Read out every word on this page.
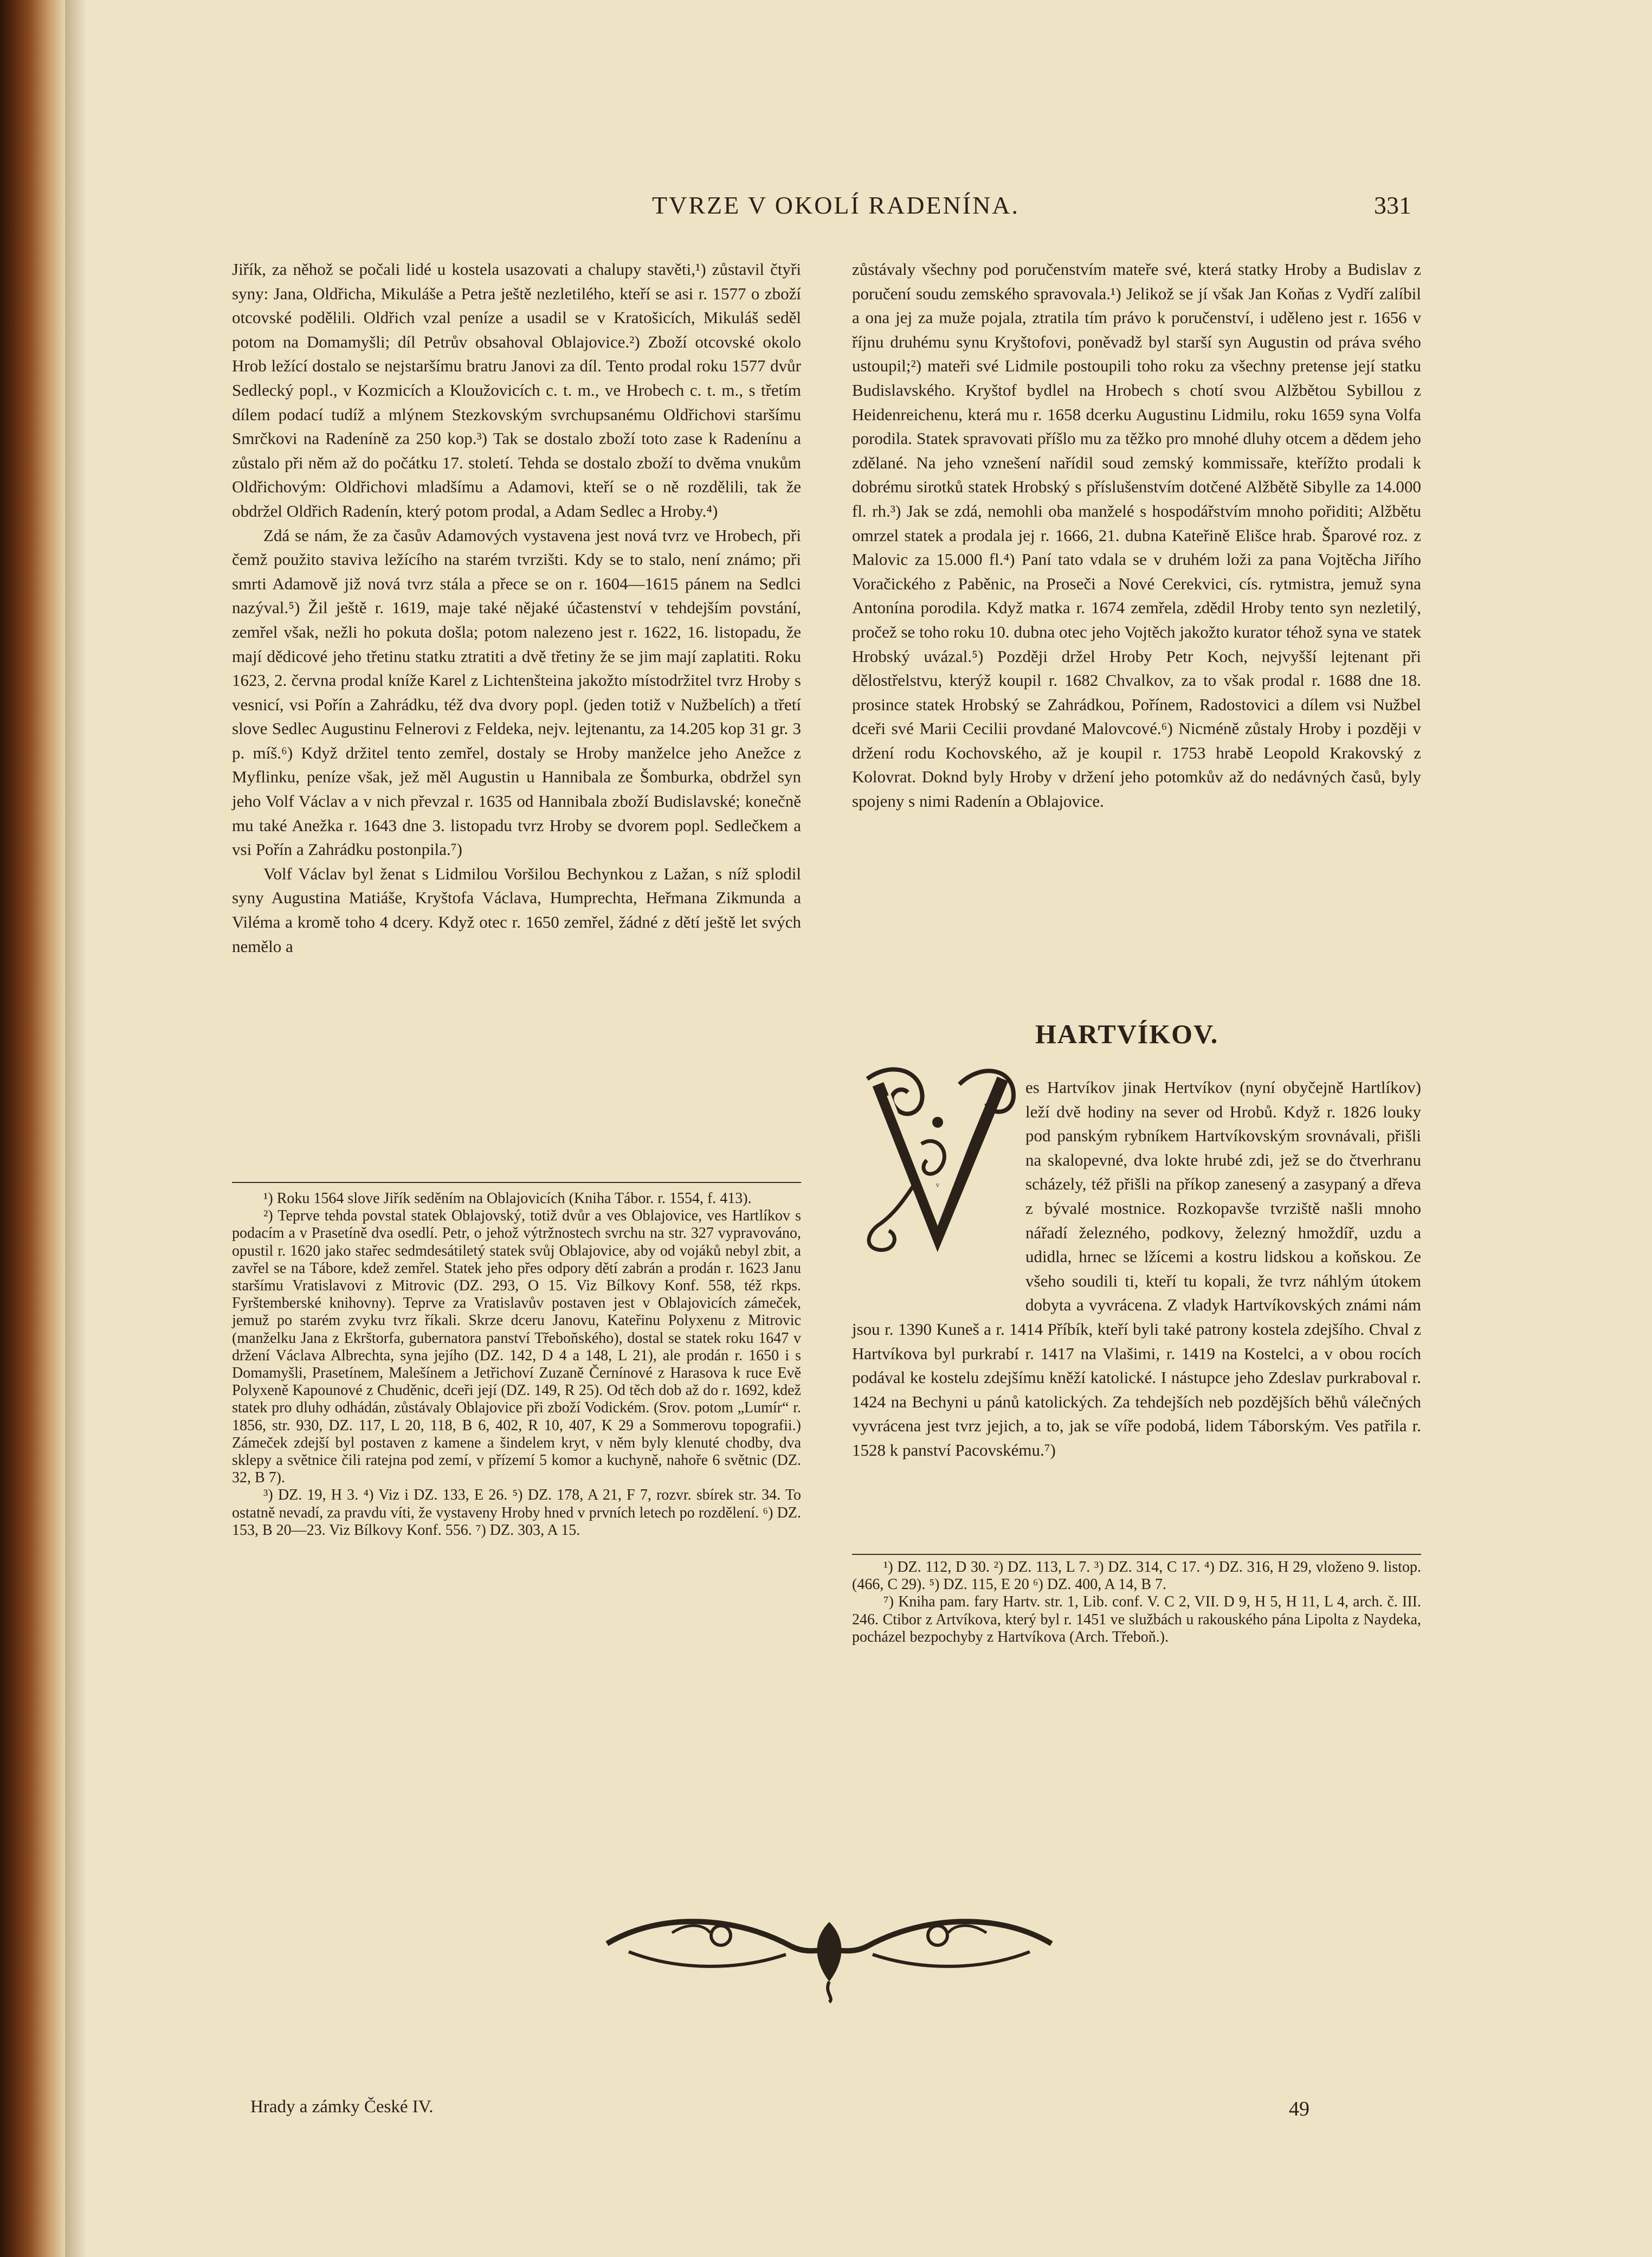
TVRZE V OKOLÍ RADENÍNA.	331

Jiřík, za něhož se počali lidé u kostela usazovati a chalupy stavěti,¹) zůstavil čtyři syny: Jana, Oldřicha, Mikuláše a Petra ještě nezletilého, kteří se asi r. 1577 o zboží otcovské podělili. Oldřich vzal peníze a usadil se v Kratošicích, Mikuláš seděl potom na Domamyšli; díl Petrův obsahoval Oblajovice.²) Zboží otcovské okolo Hrob ležící dostalo se nejstaršímu bratru Janovi za díl. Tento prodal roku 1577 dvůr Sedlecký popl., v Kozmicích a Kloužovicích c. t. m., ve Hrobech c. t. m., s třetím dílem podací tudíž a mlýnem Stezkovským svrchupsanému Oldřichovi staršímu Smrčkovi na Radeníně za 250 kop.³) Tak se dostalo zboží toto zase k Radenínu a zůstalo při něm až do počátku 17. století. Tehda se dostalo zboží to dvěma vnukům Oldřichovým: Oldřichovi mladšímu a Adamovi, kteří se o ně rozdělili, tak že obdržel Oldřich Radenín, který potom prodal, a Adam Sedlec a Hroby.⁴)

Zdá se nám, že za časův Adamových vystavena jest nová tvrz ve Hrobech, při čemž použito staviva ležícího na starém tvrzišti. Kdy se to stalo, není známo; při smrti Adamově již nová tvrz stála a přece se on r. 1604—1615 pánem na Sedlci nazýval.⁵) Žil ještě r. 1619, maje také nějaké účastenství v tehdejším povstání, zemřel však, nežli ho pokuta došla; potom nalezeno jest r. 1622, 16. listopadu, že mají dědicové jeho třetinu statku ztratiti a dvě třetiny že se jim mají zaplatiti. Roku 1623, 2. června prodal kníže Karel z Lichtenšteina jakožto místodržitel tvrz Hroby s vesnicí, vsi Pořín a Zahrádku, též dva dvory popl. (jeden totiž v Nužbelích) a třetí slove Sedlec Augustinu Felnerovi z Feldeka, nejv. lejtenantu, za 14.205 kop 31 gr. 3 p. míš.⁶) Když držitel tento zemřel, dostaly se Hroby manželce jeho Anežce z Myflinku, peníze však, jež měl Augustin u Hannibala ze Šomburka, obdržel syn jeho Volf Václav a v nich převzal r. 1635 od Hannibala zboží Budislavské; konečně mu také Anežka r. 1643 dne 3. listopadu tvrz Hroby se dvorem popl. Sedlečkem a vsi Pořín a Zahrádku postonpila.⁷)

Volf Václav byl ženat s Lidmilou Voršilou Bechynkou z Lažan, s níž splodil syny Augustina Matiáše, Kryštofa Václava, Humprechta, Heřmana Zikmunda a Viléma a kromě toho 4 dcery. Když otec r. 1650 zemřel, žádné z dětí ještě let svých nemělo a

¹) Roku 1564 slove Jiřík seděním na Oblajovicích (Kniha Tábor. r. 1554, f. 413).

²) Teprve tehda povstal statek Oblajovský, totiž dvůr a ves Oblajovice, ves Hartlíkov s podacím a v Prasetíně dva osedlí. Petr, o jehož výtržnostech svrchu na str. 327 vypravováno, opustil r. 1620 jako stařec sedmdesátiletý statek svůj Oblajovice, aby od vojáků nebyl zbit, a zavřel se na Tábore, kdež zemřel. Statek jeho přes odpory dětí zabrán a prodán r. 1623 Janu staršímu Vratislavovi z Mitrovic (DZ. 293, O 15. Viz Bílkovy Konf. 558, též rkps. Fyrštemberské knihovny). Teprve za Vratislavův postaven jest v Oblajovicích zámeček, jemuž po starém zvyku tvrz říkali. Skrze dceru Janovu, Kateřinu Polyxenu z Mitrovic (manželku Jana z Ekrštorfa, gubernatora panství Třeboňského), dostal se statek roku 1647 v držení Václava Albrechta, syna jejího (DZ. 142, D 4 a 148, L 21), ale prodán r. 1650 i s Domamyšli, Prasetínem, Malešínem a Jetřichoví Zuzaně Černínové z Harasova k ruce Evě Polyxeně Kapounové z Chuděnic, dceři její (DZ. 149, R 25). Od těch dob až do r. 1692, kdež statek pro dluhy odhádán, zůstávaly Oblajovice při zboží Vodickém. (Srov. potom „Lumír“ r. 1856, str. 930, DZ. 117, L 20, 118, B 6, 402, R 10, 407, K 29 a Sommerovu topografii.) Zámeček zdejší byl postaven z kamene a šindelem kryt, v něm byly klenuté chodby, dva sklepy a světnice čili ratejna pod zemí, v přízemí 5 komor a kuchyně, nahoře 6 světnic (DZ. 32, B 7).

³) DZ. 19, H 3. ⁴) Viz i DZ. 133, E 26. ⁵) DZ. 178, A 21, F 7, rozvr. sbírek str. 34. To ostatně nevadí, za pravdu víti, že vystaveny Hroby hned v prvních letech po rozdělení. ⁶) DZ. 153, B 20—23. Viz Bílkovy Konf. 556. ⁷) DZ. 303, A 15.

zůstávaly všechny pod poručenstvím mateře své, která statky Hroby a Budislav z poručení soudu zemského spravovala.¹) Jelikož se jí však Jan Koňas z Vydří zalíbil a ona jej za muže pojala, ztratila tím právo k poručenství, i uděleno jest r. 1656 v říjnu druhému synu Kryštofovi, poněvadž byl starší syn Augustin od práva svého ustoupil;²) mateři své Lidmile postoupili toho roku za všechny pretense její statku Budislavského. Kryštof bydlel na Hrobech s chotí svou Alžbětou Sybillou z Heidenreichenu, která mu r. 1658 dcerku Augustinu Lidmilu, roku 1659 syna Volfa porodila. Statek spravovati příšlo mu za těžko pro mnohé dluhy otcem a dědem jeho zdělané. Na jeho vznešení nařídil soud zemský kommissaře, kteřížto prodali k dobrému sirotků statek Hrobský s příslušenstvím dotčené Alžbětě Sibylle za 14.000 fl. rh.³) Jak se zdá, nemohli oba manželé s hospodářstvím mnoho pořiditi; Alžbětu omrzel statek a prodala jej r. 1666, 21. dubna Kateřině Elišce hrab. Šparové roz. z Malovic za 15.000 fl.⁴) Paní tato vdala se v druhém loži za pana Vojtěcha Jiřího Voračického z Paběnic, na Proseči a Nové Cerekvici, cís. rytmistra, jemuž syna Antonína porodila. Když matka r. 1674 zemřela, zdědil Hroby tento syn nezletilý, pročež se toho roku 10. dubna otec jeho Vojtěch jakožto kurator téhož syna ve statek Hrobský uvázal.⁵) Později držel Hroby Petr Koch, nejvyšší lejtenant při dělostřelstvu, kterýž koupil r. 1682 Chvalkov, za to však prodal r. 1688 dne 18. prosince statek Hrobský se Zahrádkou, Pořínem, Radostovici a dílem vsi Nužbel dceři své Marii Cecilii provdané Malovcové.⁶) Nicméně zůstaly Hroby i později v držení rodu Kochovského, až je koupil r. 1753 hrabě Leopold Krakovský z Kolovrat. Doknd byly Hroby v držení jeho potomkův až do nedávných časů, byly spojeny s nimi Radenín a Oblajovice.

HARTVÍKOV.
V
es Hartvíkov jinak Hertvíkov (nyní obyčejně Hartlíkov) leží dvě hodiny na sever od Hrobů. Když r. 1826 louky pod panským rybníkem Hartvíkovským srovnávali, přišli na skalopevné, dva lokte hrubé zdi, jež se do čtverhranu scházely, též přišli na příkop zanesený a zasypaný a dřeva z bývalé mostnice. Rozkopavše tvrziště našli mnoho nářadí železného, podkovy, železný hmoždíř, uzdu a udidla, hrnec se lžícemi a kostru lidskou a koňskou. Ze všeho soudili ti, kteří tu kopali, že tvrz náhlým útokem dobyta a vyvrácena. Z vladyk Hartvíkovských známi nám jsou r. 1390 Kuneš a r. 1414 Příbík, kteří byli také patrony kostela zdejšího. Chval z Hartvíkova byl purkrabí r. 1417 na Vlašimi, r. 1419 na Kostelci, a v obou rocích podával ke kostelu zdejšímu kněží katolické. I nástupce jeho Zdeslav purkraboval r. 1424 na Bechyni u pánů katolických. Za tehdejších neb pozdějších běhů válečných vyvrácena jest tvrz jejich, a to, jak se víře podobá, lidem Táborským. Ves patřila r. 1528 k panství Pacovskému.⁷)

¹) DZ. 112, D 30. ²) DZ. 113, L 7. ³) DZ. 314, C 17. ⁴) DZ. 316, H 29, vloženo 9. listop. (466, C 29). ⁵) DZ. 115, E 20 ⁶) DZ. 400, A 14, B 7.

⁷) Kniha pam. fary Hartv. str. 1, Lib. conf. V. C 2, VII. D 9, H 5, H 11, L 4, arch. č. III. 246. Ctibor z Artvíkova, který byl r. 1451 ve službách u rakouského pána Lipolta z Naydeka, pocházel bezpochyby z Hartvíkova (Arch. Třeboň.).

Hrady a zámky České IV.	49
